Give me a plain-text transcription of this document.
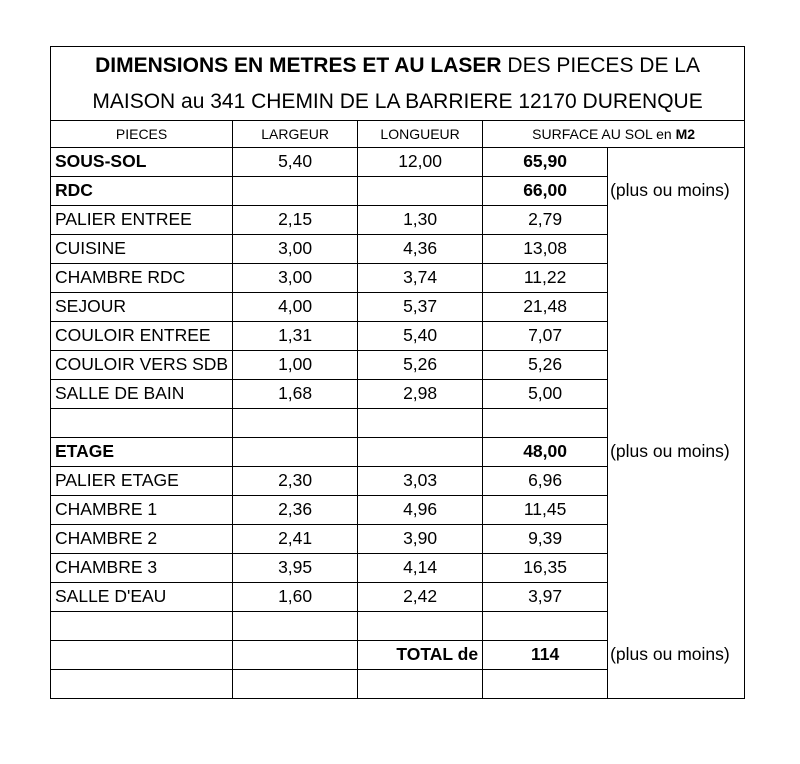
DIMENSIONS EN METRES ET AU LASER DES PIECES DE LA				
MAISON au 341 CHEMIN DE LA BARRIERE 12170 DURENQUE				
PIECES	LARGEUR	LONGUEUR	SURFACE AU SOL en M2	
SOUS-SOL	5,40	12,00	65,90	
RDC			66,00	(plus ou moins)
PALIER ENTREE	2,15	1,30	2,79	
CUISINE	3,00	4,36	13,08	
CHAMBRE RDC	3,00	3,74	11,22	
SEJOUR	4,00	5,37	21,48	
COULOIR ENTREE	1,31	5,40	7,07	
COULOIR VERS SDB	1,00	5,26	5,26	
SALLE DE BAIN	1,68	2,98	5,00	

ETAGE			48,00	(plus ou moins)
PALIER ETAGE	2,30	3,03	6,96	
CHAMBRE 1	2,36	4,96	11,45	
CHAMBRE 2	2,41	3,90	9,39	
CHAMBRE 3	3,95	4,14	16,35	
SALLE D'EAU	1,60	2,42	3,97	

		TOTAL de	114	(plus ou moins)
